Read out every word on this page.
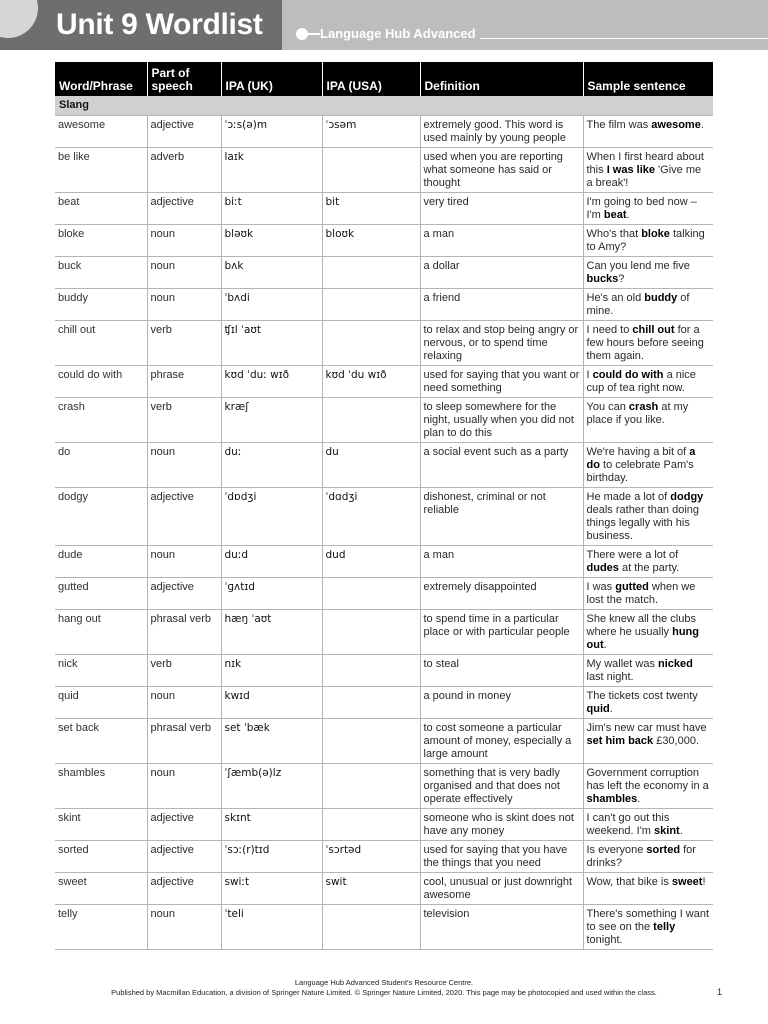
Unit 9 Wordlist	Language Hub Advanced
Word/Phrase	Part of speech	IPA (UK)	IPA (USA)	Definition	Sample sentence
Slang					
awesome	adjective	ˈɔːs(ə)m	ˈɔsəm	extremely good. This word is used mainly by young people	The film was awesome.
be like	adverb	laɪk		used when you are reporting what someone has said or thought	When I first heard about this I was like 'Give me a break'!
beat	adjective	biːt	bit	very tired	I'm going to bed now – I'm beat.
bloke	noun	bləʊk	bloʊk	a man	Who's that bloke talking to Amy?
buck	noun	bʌk		a dollar	Can you lend me five bucks?
buddy	noun	ˈbʌdi		a friend	He's an old buddy of mine.
chill out	verb	ʧɪl ˈaʊt		to relax and stop being angry or nervous, or to spend time relaxing	I need to chill out for a few hours before seeing them again.
could do with	phrase	kʊd ˈduː wɪð	kʊd ˈdu wɪð	used for saying that you want or need something	I could do with a nice cup of tea right now.
crash	verb	kræʃ		to sleep somewhere for the night, usually when you did not plan to do this	You can crash at my place if you like.
do	noun	duː	du	a social event such as a party	We're having a bit of a do to celebrate Pam's birthday.
dodgy	adjective	ˈdɒdʒi	ˈdɑdʒi	dishonest, criminal or not reliable	He made a lot of dodgy deals rather than doing things legally with his business.
dude	noun	duːd	dud	a man	There were a lot of dudes at the party.
gutted	adjective	ˈɡʌtɪd		extremely disappointed	I was gutted when we lost the match.
hang out	phrasal verb	hæŋ ˈaʊt		to spend time in a particular place or with particular people	She knew all the clubs where he usually hung out.
nick	verb	nɪk		to steal	My wallet was nicked last night.
quid	noun	kwɪd		a pound in money	The tickets cost twenty quid.
set back	phrasal verb	set ˈbæk		to cost someone a particular amount of money, especially a large amount	Jim's new car must have set him back £30,000.
shambles	noun	ˈʃæmb(ə)lz		something that is very badly organised and that does not operate effectively	Government corruption has left the economy in a shambles.
skint	adjective	skɪnt		someone who is skint does not have any money	I can't go out this weekend. I'm skint.
sorted	adjective	ˈsɔː(r)tɪd	ˈsɔrtəd	used for saying that you have the things that you need	Is everyone sorted for drinks?
sweet	adjective	swiːt	swit	cool, unusual or just downright awesome	Wow, that bike is sweet!
telly	noun	ˈteli		television	There's something I want to see on the telly tonight.
Language Hub Advanced Student's Resource Centre.
Published by Macmillan Education, a division of Springer Nature Limited. © Springer Nature Limited, 2020. This page may be photocopied and used within the class.	1
